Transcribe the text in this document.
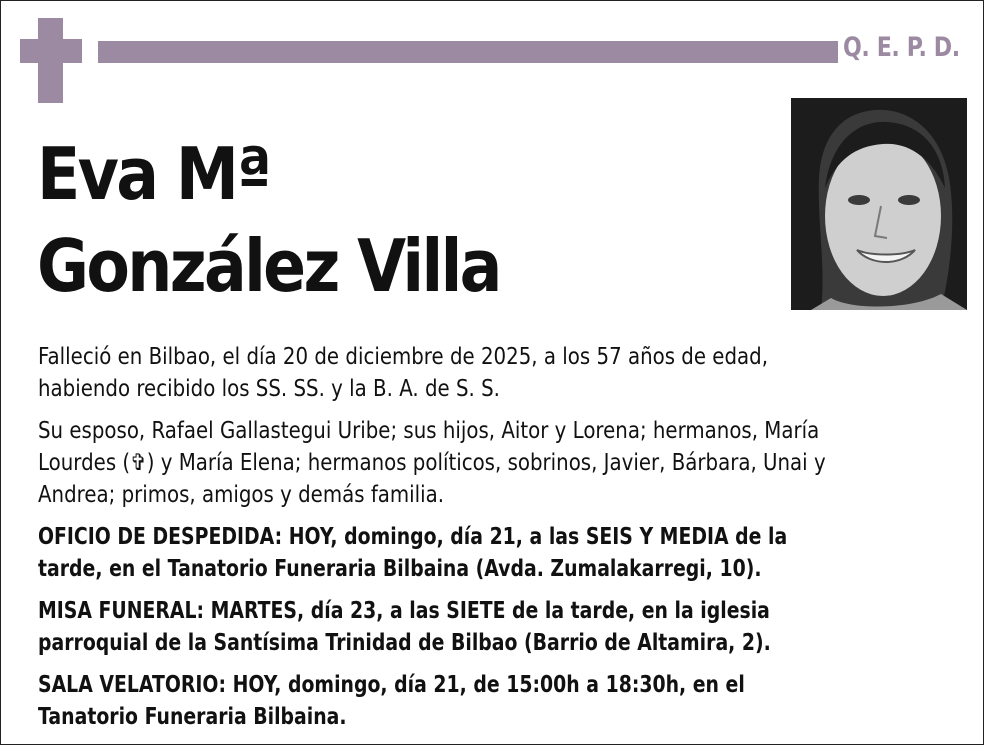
Q. E. P. D.
Eva Mª
González Villa

Falleció en Bilbao, el día 20 de diciembre de 2025, a los 57 años de edad,
habiendo recibido los SS. SS. y la B. A. de S. S.

Su esposo, Rafael Gallastegui Uribe; sus hijos, Aitor y Lorena; hermanos, María
Lourdes (✞) y María Elena; hermanos políticos, sobrinos, Javier, Bárbara, Unai y
Andrea; primos, amigos y demás familia.

OFICIO DE DESPEDIDA: HOY, domingo, día 21, a las SEIS Y MEDIA de la
tarde, en el Tanatorio Funeraria Bilbaina (Avda. Zumalakarregi, 10).

MISA FUNERAL: MARTES, día 23, a las SIETE de la tarde, en la iglesia
parroquial de la Santísima Trinidad de Bilbao (Barrio de Altamira, 2).

SALA VELATORIO: HOY, domingo, día 21, de 15:00h a 18:30h, en el
Tanatorio Funeraria Bilbaina.
